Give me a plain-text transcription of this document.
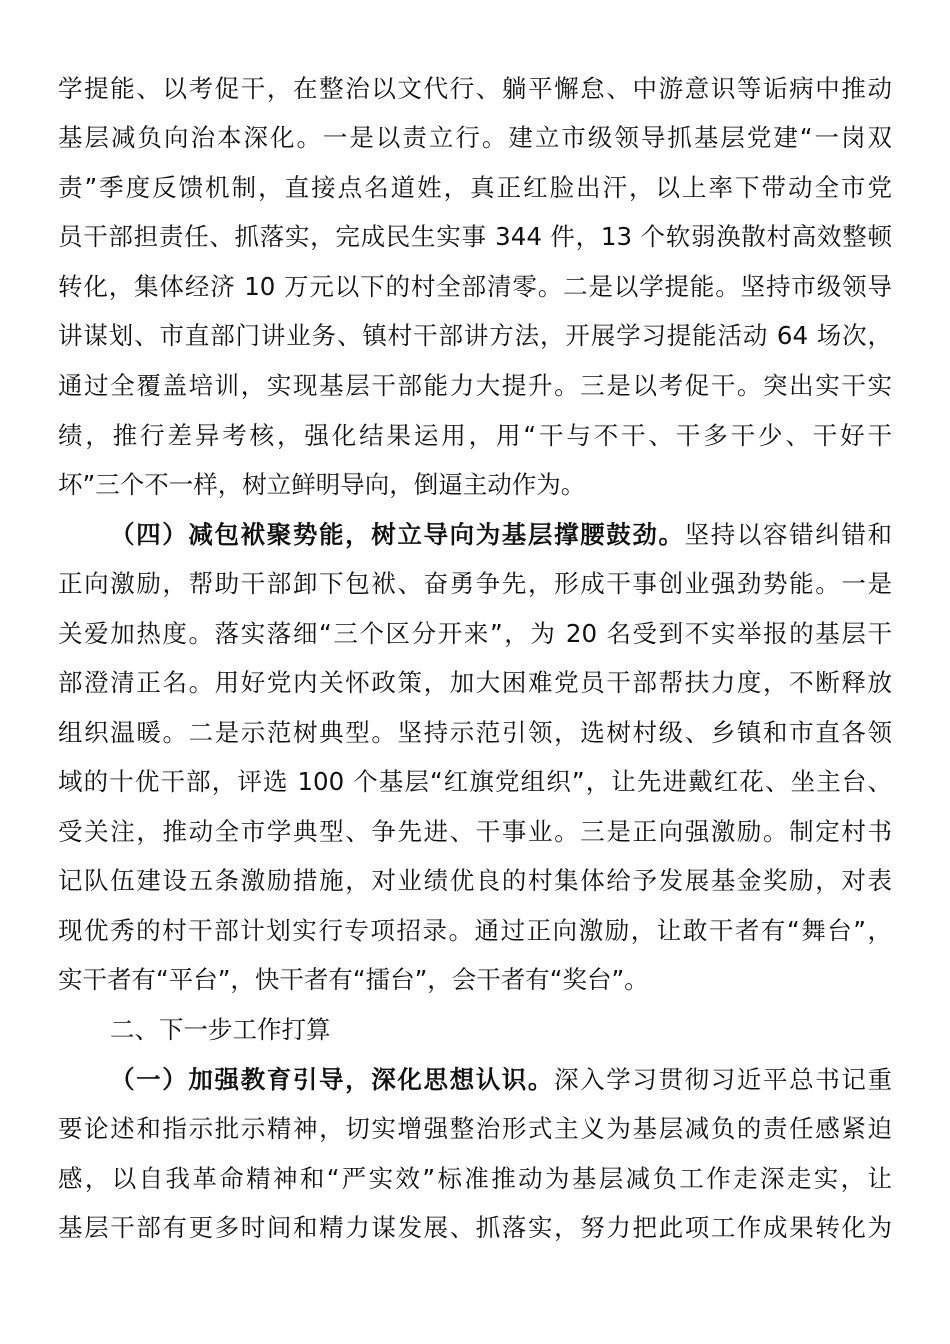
学提能、以考促干，在整治以文代行、躺平懈怠、中游意识等诟病中推动
基层减负向治本深化。一是以责立行。建立市级领导抓基层党建“一岗双
责”季度反馈机制，直接点名道姓，真正红脸出汗，以上率下带动全市党
员干部担责任、抓落实，完成民生实事 344 件，13 个软弱涣散村高效整顿
转化，集体经济 10 万元以下的村全部清零。二是以学提能。坚持市级领导
讲谋划、市直部门讲业务、镇村干部讲方法，开展学习提能活动 64 场次，
通过全覆盖培训，实现基层干部能力大提升。三是以考促干。突出实干实
绩，推行差异考核，强化结果运用，用“干与不干、干多干少、干好干
坏”三个不一样，树立鲜明导向，倒逼主动作为。
（四）减包袱聚势能，树立导向为基层撑腰鼓劲。坚持以容错纠错和
正向激励，帮助干部卸下包袱、奋勇争先，形成干事创业强劲势能。一是
关爱加热度。落实落细“三个区分开来”，为 20 名受到不实举报的基层干
部澄清正名。用好党内关怀政策，加大困难党员干部帮扶力度，不断释放
组织温暖。二是示范树典型。坚持示范引领，选树村级、乡镇和市直各领
域的十优干部，评选 100 个基层“红旗党组织”，让先进戴红花、坐主台、
受关注，推动全市学典型、争先进、干事业。三是正向强激励。制定村书
记队伍建设五条激励措施，对业绩优良的村集体给予发展基金奖励，对表
现优秀的村干部计划实行专项招录。通过正向激励，让敢干者有“舞台”，
实干者有“平台”，快干者有“擂台”，会干者有“奖台”。
二、下一步工作打算
（一）加强教育引导，深化思想认识。深入学习贯彻习近平总书记重
要论述和指示批示精神，切实增强整治形式主义为基层减负的责任感紧迫
感，以自我革命精神和“严实效”标准推动为基层减负工作走深走实，让
基层干部有更多时间和精力谋发展、抓落实，努力把此项工作成果转化为
